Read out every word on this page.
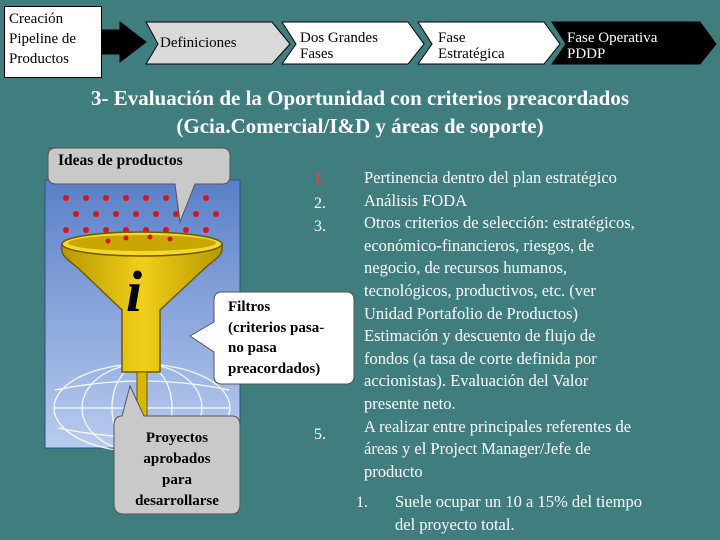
Creación Pipeline de Productos
Definiciones	Dos Grandes
Fases
Fase
Estratégica
Fase Operativa
PDDP
3- Evaluación de la Oportunidad con criterios preacordados
(Gcia.Comercial/I&D y áreas de soporte)
i
Ideas de productos
Filtros
(criterios pasa-
no pasa
preacordados)
Proyectos
aprobados
para
desarrollarse
1.
2.
3.
5.
Pertinencia dentro del plan estratégico
Análisis FODA
Otros criterios de selección: estratégicos,
económico-financieros, riesgos, de
negocio, de recursos humanos,
tecnológicos, productivos, etc. (ver
Unidad Portafolio de Productos)
Estimación y descuento de flujo de
fondos (a tasa de corte definida por
accionistas). Evaluación del Valor
presente neto.
A realizar entre principales referentes de
áreas y el Project Manager/Jefe de
producto
1. Suele ocupar un 10 a 15% del tiempo
del proyecto total.
